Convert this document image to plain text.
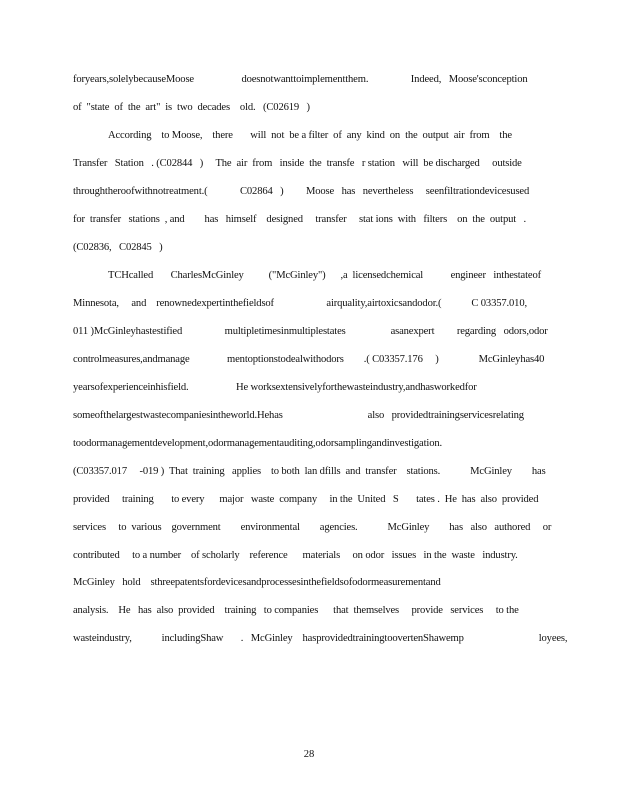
foryears,solelybecauseMoose                   doesnotwanttoimplementthem.                 Indeed,   Moose'sconception
of  "state  of  the  art"  is  two  decades    old.   (C02619   )
According    to Moose,    there       will  not  be a filter  of  any  kind  on  the  output  air  from    the
Transfer   Station   . (C02844   )     The  air  from   inside  the  transfe   r station   will  be discharged     outside
throughtheroofwithnotreatment.(             C02864   )         Moose   has   nevertheless     seenfiltrationdevicesused
for  transfer   stations  , and        has   himself    designed     transfer     stat ions  with   filters    on  the  output   .
(C02836,   C02845   )
TCHcalled       CharlesMcGinley          ("McGinley")      ,a  licensedchemical           engineer   inthestateof
Minnesota,     and    renownedexpertinthefieldsof                     airquality,airtoxicsandodor.(            C 03357.010,
011 )McGinleyhastestified                 multipletimesinmultiplestates                  asanexpert         regarding   odors,odor
controlmeasures,andmanage               mentoptionstodealwithodors        .( C03357.176     )                McGinleyhas40
yearsofexperienceinhisfield.                   He worksextensivelyforthewasteindustry,andhasworkedfor
someofthelargestwastecompaniesintheworld.Hehas                                  also   providedtrainingservicesrelating
toodormanagementdevelopment,odormanagementauditing,odorsamplingandinvestigation.
(C03357.017     -019 )  That  training   applies    to both  lan dfills  and  transfer    stations.            McGinley        has
provided     training       to every      major   waste  company     in the  United   S       tates .  He  has  also  provided
services     to  various    government        environmental        agencies.            McGinley        has   also   authored     or
contributed     to a number    of scholarly    reference      materials     on odor   issues   in the  waste   industry.
McGinley   hold    sthreepatentsfordevicesandprocessesinthefieldsofodormeasurementand
analysis.    He   has  also  provided    training   to companies      that  themselves     provide   services     to the
wasteindustry,            includingShaw       .   McGinley    hasprovidedtrainingtoovertenShawemp                              loyees,
28
